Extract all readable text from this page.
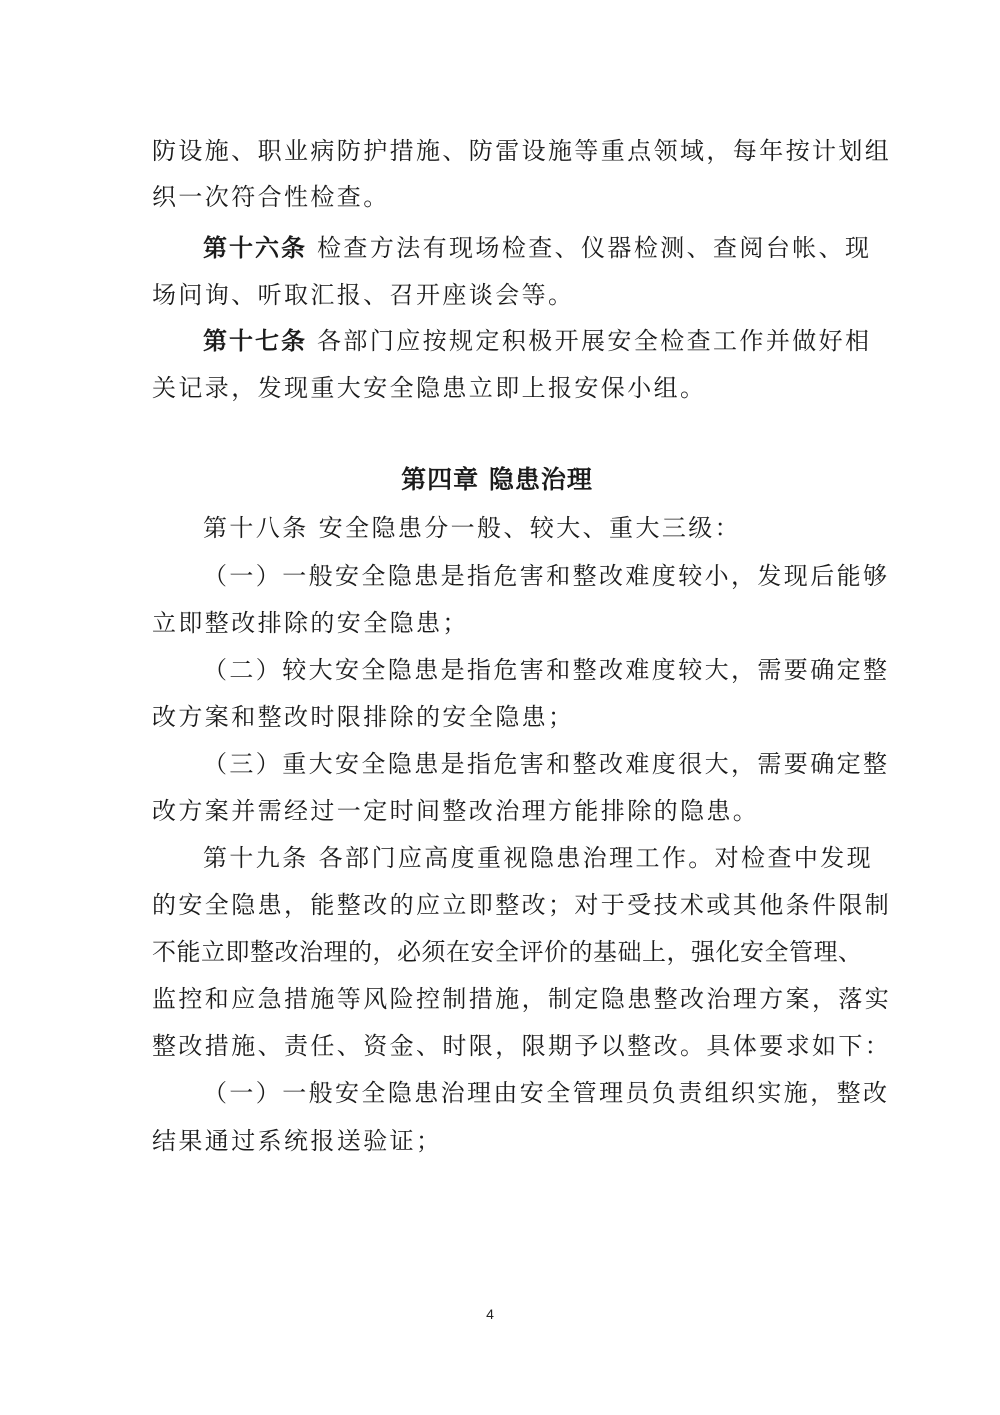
防设施、职业病防护措施、防雷设施等重点领域，每年按计划组
织一次符合性检查。
第十六条 检查方法有现场检查、仪器检测、查阅台帐、现
场问询、听取汇报、召开座谈会等。
第十七条 各部门应按规定积极开展安全检查工作并做好相
关记录，发现重大安全隐患立即上报安保小组。
第四章 隐患治理
第十八条 安全隐患分一般、较大、重大三级：
（一）一般安全隐患是指危害和整改难度较小，发现后能够
立即整改排除的安全隐患；
（二）较大安全隐患是指危害和整改难度较大，需要确定整
改方案和整改时限排除的安全隐患；
（三）重大安全隐患是指危害和整改难度很大，需要确定整
改方案并需经过一定时间整改治理方能排除的隐患。
第十九条 各部门应高度重视隐患治理工作。对检查中发现
的安全隐患，能整改的应立即整改；对于受技术或其他条件限制
不能立即整改治理的，必须在安全评价的基础上，强化安全管理、
监控和应急措施等风险控制措施，制定隐患整改治理方案，落实
整改措施、责任、资金、时限，限期予以整改。具体要求如下：
（一）一般安全隐患治理由安全管理员负责组织实施，整改
结果通过系统报送验证；
4
